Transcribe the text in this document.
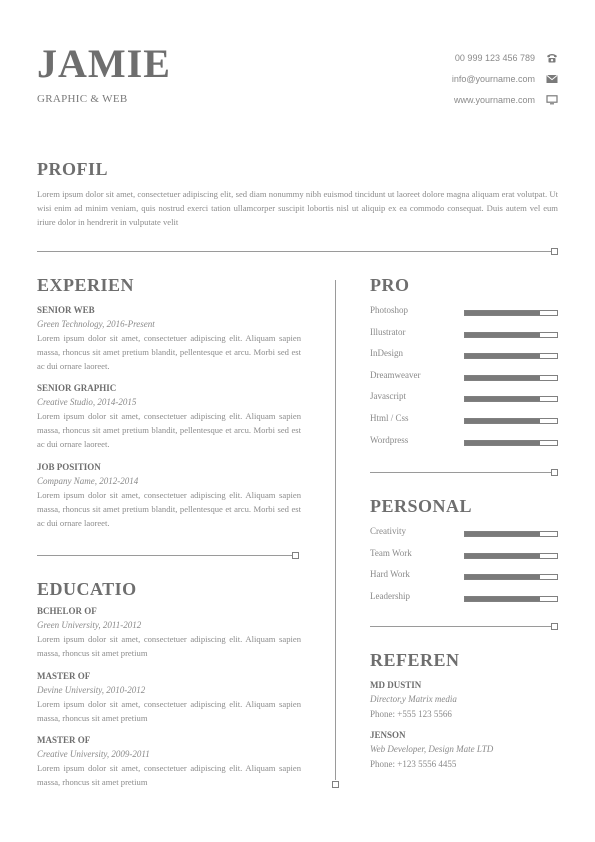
JAMIE
GRAPHIC & WEB
00 999 123 456 789
info@yourname.com
www.yourname.com
PROFIL
Lorem ipsum dolor sit amet, consectetuer adipiscing elit, sed diam nonummy nibh euismod tincidunt ut laoreet dolore magna aliquam erat volutpat. Ut wisi enim ad minim veniam, quis nostrud exerci tation ullamcorper suscipit lobortis nisl ut aliquip ex ea commodo consequat. Duis autem vel eum iriure dolor in hendrerit in vulputate velit
EXPERIEN
SENIOR WEB
Green Technology, 2016-Present
Lorem ipsum dolor sit amet, consectetuer adipiscing elit. Aliquam sapien massa, rhoncus sit amet pretium blandit, pellentesque et arcu. Morbi sed est ac dui ornare laoreet.
SENIOR GRAPHIC
Creative Studio, 2014-2015
Lorem ipsum dolor sit amet, consectetuer adipiscing elit. Aliquam sapien massa, rhoncus sit amet pretium blandit, pellentesque et arcu. Morbi sed est ac dui ornare laoreet.
JOB POSITION
Company Name, 2012-2014
Lorem ipsum dolor sit amet, consectetuer adipiscing elit. Aliquam sapien massa, rhoncus sit amet pretium blandit, pellentesque et arcu. Morbi sed est ac dui ornare laoreet.
EDUCATIO
BCHELOR OF
Green University, 2011-2012
Lorem ipsum dolor sit amet, consectetuer adipiscing elit. Aliquam sapien massa, rhoncus sit amet pretium
MASTER OF
Devine University, 2010-2012
Lorem ipsum dolor sit amet, consectetuer adipiscing elit. Aliquam sapien massa, rhoncus sit amet pretium
MASTER OF
Creative University, 2009-2011
Lorem ipsum dolor sit amet, consectetuer adipiscing elit. Aliquam sapien massa, rhoncus sit amet pretium
PRO
Photoshop
Illustrator
InDesign
Dreamweaver
Javascript
Html / Css
Wordpress
PERSONAL
Creativity
Team Work
Hard Work
Leadership
REFEREN
MD DUSTIN
Director,y Matrix media
Phone: +555 123 5566
JENSON
Web Developer, Design Mate LTD
Phone: +123 5556 4455
